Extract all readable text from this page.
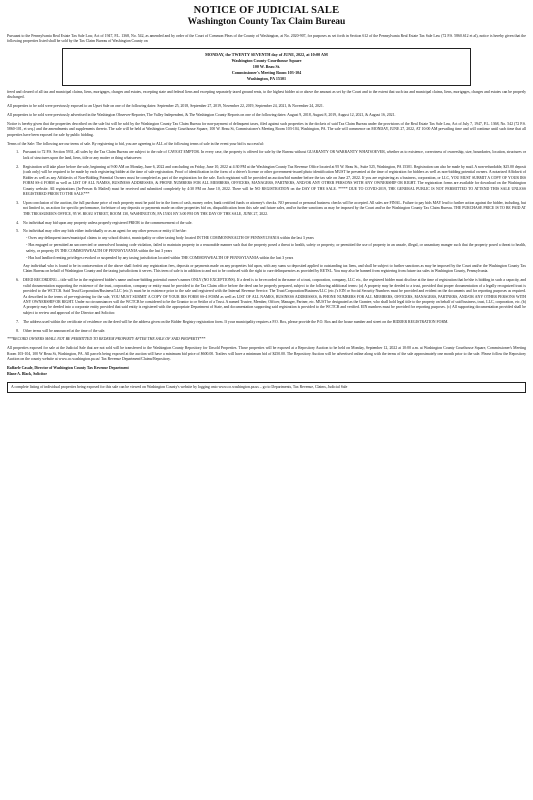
NOTICE OF JUDICIAL SALE
Washington County Tax Claim Bureau

Pursuant to the Pennsylvania Real Estate Tax Sale Law, Act of 1947, P.L. 1368, No. 542, as amended and by order of the Court of Common Pleas of the County of Washington, at No. 2020-907, for purposes as set forth in Section 612 of the Pennsylvania Real Estate Tax Sale Law (72 P.S. 5860.612 et al), notice is hereby given that the following properties listed shall be sold by the Tax Claim Bureau of Washington County on

MONDAY, the TWENTY SEVENTH day of JUNE, 2022, at 10:00 AM
Washington County Courthouse Square
100 W. Beau St.
Commissioner's Meeting Room 103-104
Washington, PA 15301

freed and cleared of all tax and municipal claims, liens, mortgages, charges and estates, excepting state and federal liens and excepting separately taxed ground rents, to the highest bidder at or above the amount as set by the Court and to the extent that such tax and municipal claims, liens, mortgages, charges and estates can be properly discharged.

All properties to be sold were previously exposed to an Upset Sale on one of the following dates: September 25, 2018, September 27, 2019, November 22, 2019, September 24, 2021, & November 24, 2021.

All properties to be sold were previously advertised in the Washington Observer-Reporter, The Valley Independent, & The Washington County Reports on one of the following dates: August 9, 2018, August 8, 2019, August 12, 2021, & August 16, 2021.

Notice is hereby given that the properties described on the sale list will be sold by the Washington County Tax Claim Bureau for non-payment of delinquent taxes, filed against such properties in the dockets of said Tax Claim Bureau under the provisions of the Real Estate Tax Sale Law, Act of July 7, 1947, P.L. 1368, No. 542 (72 P.S. 5860-101, et seq.) and the amendments and supplements thereto. The sale will be held at Washington County Courthouse Square, 100 W. Beau St, Commissioner's Meeting Room 103-104, Washington, PA. The sale will commence on MONDAY, JUNE 27, 2022, AT 10:00 AM prevailing time and will continue until such time that all properties have been exposed for sale by public bidding.

Terms of the Sale: The following are our terms of sale. By registering to bid, you are agreeing to ALL of the following terms of sale in the event your bid is successful:

1. Pursuant to 72 P.S. Section 5931, all sales by the Tax Claim Bureau are subject to the rule of CAVEAT EMPTOR. In every case, the property is offered for sale by the Bureau without GUARANTY OR WARRANTY WHATSOEVER, whether as to existence, correctness of ownership, size, boundaries, location, structures or lack of structures upon the land, liens, title or any matter or thing whatsoever.
2. Registration will take place before the sale, beginning at 9:00 AM on Monday, June 6, 2022 and concluding on Friday, June 10, 2022 at 4:30 PM at the Washington County Tax Revenue Office located at 95 W. Beau St., Suite 525, Washington, PA 15301. Registration can also be made by mail. A non-refundable, $25.00 deposit (cash only) will be required to be made by each registering bidder at the time of sale registration. Proof of identification in the form of a driver's license or other government-issued photo identification MUST be presented at the time of registration for bidders as well as non-bidding potential owners. A notarized Affidavit of Bidder as well as any Affidavits of Non-Bidding Potential Owners must be completed as part of the registration for the sale. Each registrant will be provided an auction/bid number before the tax sale on June 27, 2022. If you are registering as a business, corporation, or LLC, YOU MUST SUBMIT A COPY OF YOUR IRS FORM SS-4 FORM as well as LIST OF ALL NAMES, BUSINESS ADDRESSES, & PHONE NUMBERS FOR ALL MEMBERS, OFFICERS, MANAGERS, PARTNERS, AND/OR ANY OTHER PERSONS WITH ANY OWNERSHIP OR RIGHT. The registration forms are available for download on the Washington County website. All registrations (In-Person & Mailed) must be received and submitted completely by 4:30 PM on June 10, 2022. There will be NO REGISTRATION on the DAY OF THE SALE. ***** DUE TO COVID-2019, THE GENERAL PUBLIC IS NOT PERMITTED TO ATTEND THIS SALE UNLESS REGISTERED PRIOR TO THE SALE***
3. Upon conclusion of the auction, the full purchase price of each property must be paid for in the form of cash, money order, bank certified funds or attorney's checks. NO personal or personal business checks will be accepted. All sales are FINAL. Failure to pay bids MAY lead to further action against the bidder, including, but not limited to, an action for specific performance, forfeiture of any deposits or payments made on other properties bid on, disqualification from this sale and future sales, and/or further sanctions as may be imposed by the Court and/or the Washington County Tax Claim Bureau. THE PURCHASE PRICE IS TO BE PAID AT THE TREASURER'S OFFICE, 95 W. BEAU STREET, ROOM 130, WASHINGTON, PA 15301 BY 3:00 PM ON THE DAY OF THE SALE, JUNE 27, 2022.
4. No individual may bid upon any property unless properly registered PRIOR to the commencement of the sale.
5. No individual may offer any bids either individually or as an agent for any other person or entity if he/she:
- Owes any delinquent taxes/municipal claims to any school district, municipality or other taxing body located IN THE COMMONWEALTH OF PENNSYLVANIA within the last 3 years
- Has engaged or permitted an uncorrected or unresolved housing code violation, failed to maintain property in a reasonable manner such that the property posed a threat to health, safety or property; or permitted the use of property in an unsafe, illegal, or unsanitary manger such that the property posed a threat to health, safety, or property IN THE COMMONWEALTH OF PENNSYLVANIA within the last 3 years
- Has had landlord renting privileges revoked or suspended by any taxing jurisdiction located within THE COMMONWEALTH OF PENNSYLVANIA within the last 3 years
Any individual who is found to be in contravention of the above shall forfeit any registration fees, deposits or payments made on any properties bid upon, with any sums so deposited applied to outstanding tax liens, and shall be subject to further sanctions as may be imposed by the Court and/or the Washington County Tax Claim Bureau on behalf of Washington County and the taxing jurisdictions it serves. This term of sale is in addition to and not to be confused with the right to cure delinquencies as provided by RETSL. You may also be banned from registering from future tax sales in Washington County, Pennsylvania.
6. DEED RECORDING – title will be in the registered bidder's name and non-bidding potential owner's names ONLY (NO EXCEPTIONS). If a deed is to be recorded in the name of a trust, corporation, company, LLC etc., the registered bidder must disclose at the time of registration that he/she is bidding in such a capacity, and valid documentation supporting the existence of the trust, corporation, company or entity must be provided to the Tax Claim office before the deed can be properly prepared, subject to the following additional terms: (a) A property may be deeded to a trust, provided that proper documentation of a legally recognized trust is provided to the WCTCB. Said Trust/Corporation/Business/LLC (etc.)'s must be in existence prior to the sale and registered with the Internal Revenue Service. The Trust/Corporation/Business/LLC (etc.)'s EIN or Social Security Numbers must be provided and evident on the documents and for reporting purposes as required. As described in the terms of pre-registering for the sale, YOU MUST SUBMIT A COPY OF YOUR IRS FORM SS-4 FORM as well as LIST OF ALL NAMES, BUSINESS ADDRESSES, & PHONE NUMBERS FOR ALL MEMBERS, OFFICERS, MANAGERS, PARTNERS, AND/OR ANY OTHER PERSONS WITH ANY OWNERSHIP OR RIGHT. Under no circumstances will the WCTCB be considered to be the Grantor to or Settlor of a Trust. A named Trustee, Member, Officer, Manager, Partner, etc. MUST be designated as the Grantee, who shall hold legal title to the property on behalf of said business, trust, LLC, corporation, etc. (b) A property may be deeded into a corporate entity provided that said entity is registered with the appropriate Department of State, and documentation supporting said registration is provided to the WCTCB and verified. EIN numbers must be provided for reporting purposes. (c) All supporting documentation provided shall be subject to review and approval of the Director and Solicitor.
7. The address used within the certificate of residence on the deed will be the address given on the Bidder Registry registration form. If your municipality requires a P.O. Box, please provide the P.O. Box and the house number and street on the BIDDER REGISTRATION FORM.
8. Other terms will be announced at the time of the sale.

***RECORD OWNERS SHALL NOT BE PERMITTED TO REDEEM PROPERTY AFTER THE SALE OF SAID PROPERTY***

All properties exposed for sale at the Judicial Sale that are not sold will be transferred to the Washington County Repository for Unsold Properties. Those properties will be exposed at a Repository Auction to be held on Monday, September 12, 2022 at 10:00 a.m. at Washington County Courthouse Square, Commissioner's Meeting Room 103-104, 100 W Beau St, Washington, PA. All parcels being exposed at the auction will have a minimum bid price of $600.00. Trailers will have a minimum bid of $250.00. The Repository Auction will be advertised online along with the terms of the sale approximately one month prior to the sale. Please follow the Repository Auction on the county website at www.co.washington.pa.us/ Tax Revenue Department/Claims/Repository.

Raffaele Casale, Director of Washington County Tax Revenue Department
Blane A. Black, Solicitor
A complete listing of individual properties being exposed for this sale can be viewed on Washington County's website by logging onto www.co.washington.pa.us – go to Departments, Tax Revenue, Claims, Judicial Sale
